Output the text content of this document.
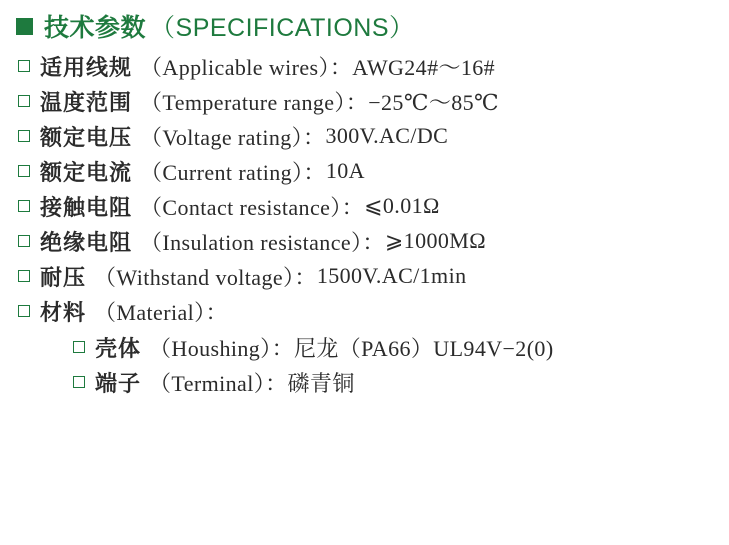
技术参数 （SPECIFICATIONS）
适用线规 （Applicable wires）： AWG24#～16#
温度范围 （Temperature range）： −25℃～85℃
额定电压 （Voltage rating）： 300V.AC/DC
额定电流 （Current rating）： 10A
接触电阻 （Contact resistance）： ⩽0.01Ω
绝缘电阻 （Insulation resistance）： ⩾1000MΩ
耐压 （Withstand voltage）： 1500V.AC/1min
材料 （Material）：
壳体 （Houshing）： 尼龙（PA66）UL94V−2(0)
端子 （Terminal）： 磷青铜
